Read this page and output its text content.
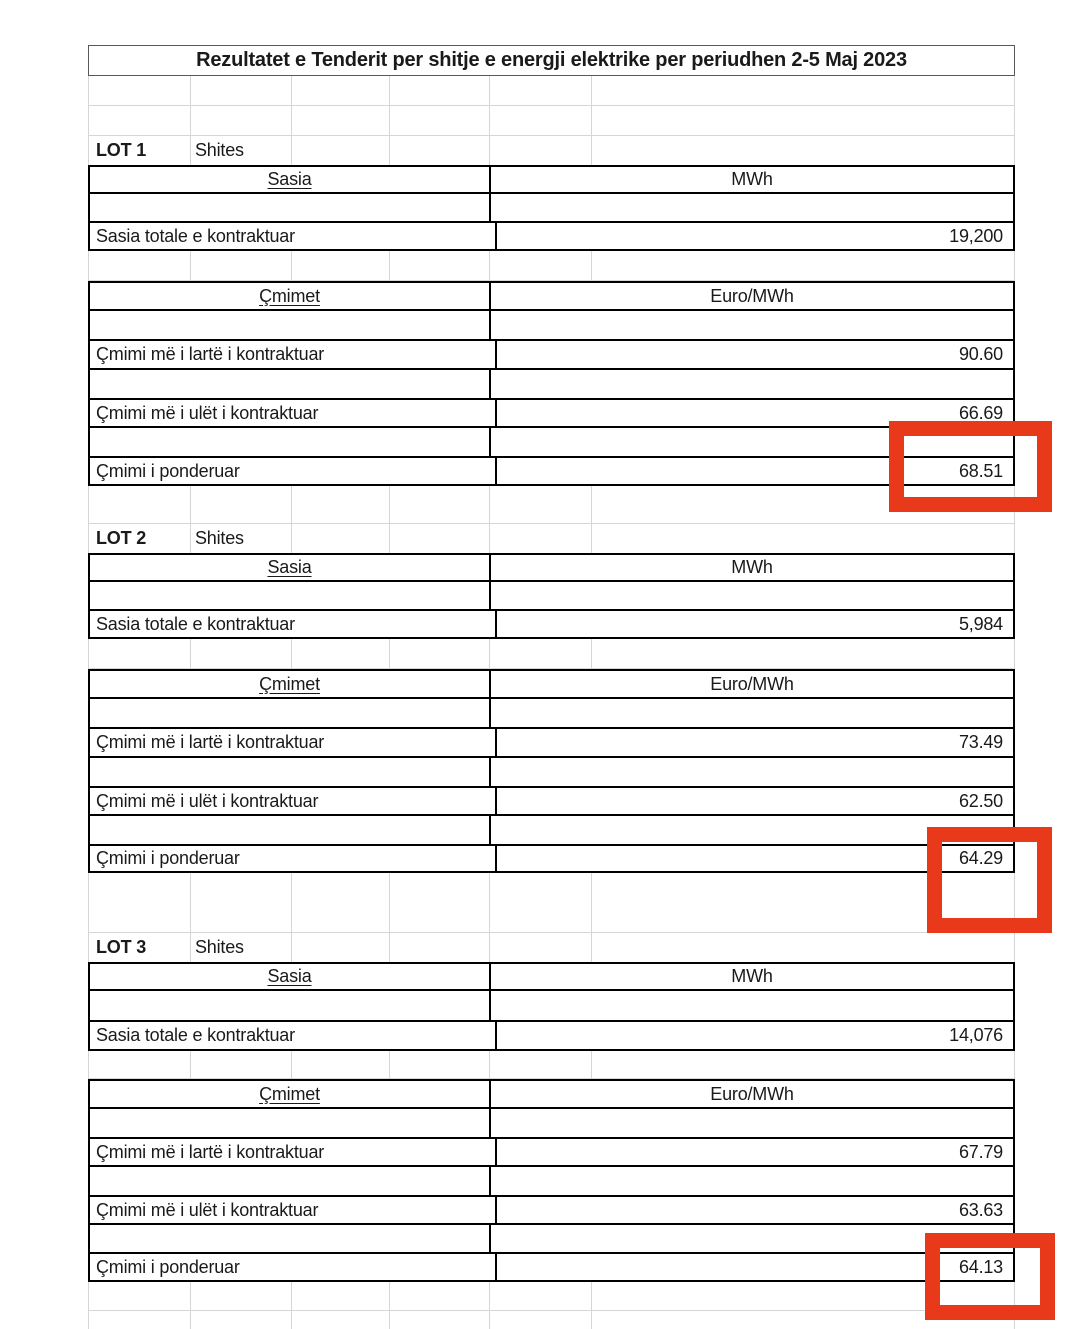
Rezultatet e Tenderit per shitje e energji elektrike per periudhen 2-5 Maj 2023
LOT 1	Shites
Sasia	MWh
Sasia totale e kontraktuar	19,200
Çmimet	Euro/MWh
Çmimi më i lartë i kontraktuar	90.60
Çmimi më i ulët i kontraktuar	66.69
Çmimi i ponderuar	68.51
LOT 2	Shites
Sasia	MWh
Sasia totale e kontraktuar	5,984
Çmimet	Euro/MWh
Çmimi më i lartë i kontraktuar	73.49
Çmimi më i ulët i kontraktuar	62.50
Çmimi i ponderuar	64.29
LOT 3	Shites
Sasia	MWh
Sasia totale e kontraktuar	14,076
Çmimet	Euro/MWh
Çmimi më i lartë i kontraktuar	67.79
Çmimi më i ulët i kontraktuar	63.63
Çmimi i ponderuar	64.13
